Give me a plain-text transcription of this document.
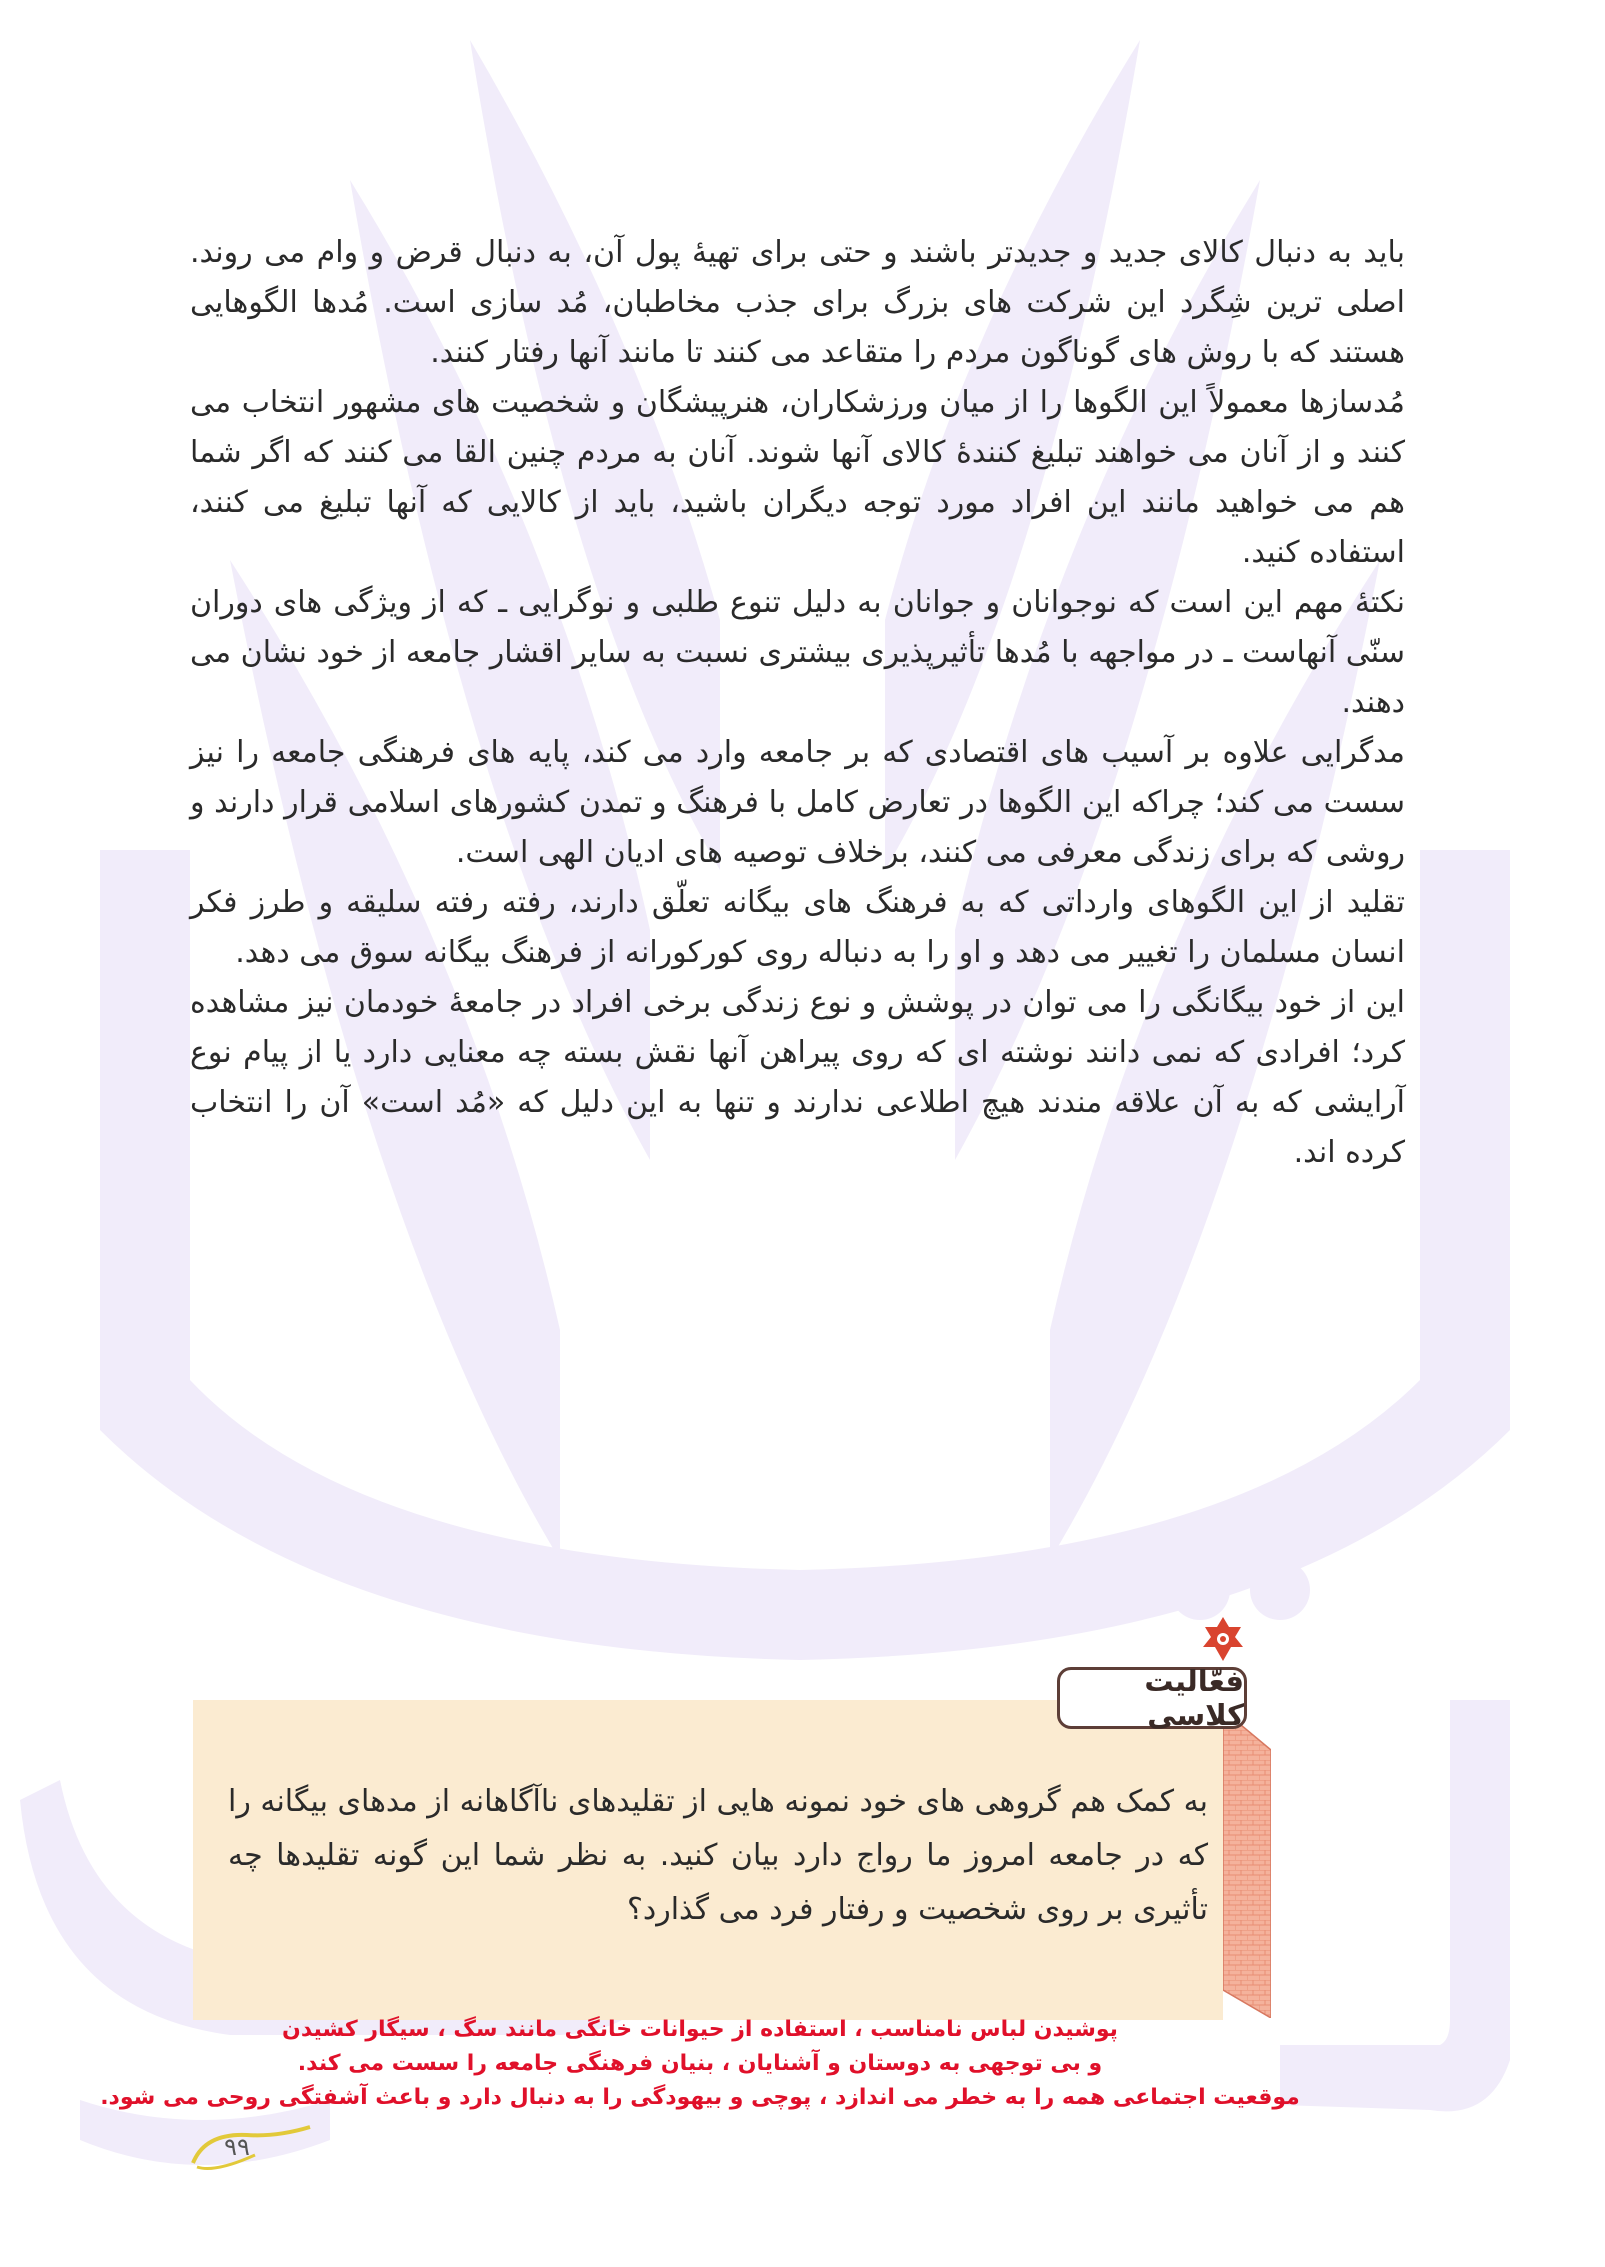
باید به دنبال کالای جدید و جدیدتر باشند و حتی برای تهیهٔ پول آن، به دنبال قرض و وام می روند. اصلی ترین شِگرد این شرکت های بزرگ برای جذب مخاطبان، مُد سازی است. مُدها الگوهایی هستند که با روش های گوناگون مردم را متقاعد می کنند تا مانند آنها رفتار کنند.

مُدسازها معمولاً این الگوها را از میان ورزشکاران، هنرپیشگان و شخصیت های مشهور انتخاب می کنند و از آنان می خواهند تبلیغ کنندهٔ کالای آنها شوند. آنان به مردم چنین القا می کنند که اگر شما هم می خواهید مانند این افراد مورد توجه دیگران باشید، باید از کالایی که آنها تبلیغ می کنند، استفاده کنید.

نکتهٔ مهم این است که نوجوانان و جوانان به دلیل تنوع طلبی و نوگرایی ـ که از ویژگی های دوران سنّی آنهاست ـ در مواجهه با مُدها تأثیرپذیری بیشتری نسبت به سایر اقشار جامعه از خود نشان می دهند.

مدگرایی علاوه بر آسیب های اقتصادی که بر جامعه وارد می کند، پایه های فرهنگی جامعه را نیز سست می کند؛ چراکه این الگوها در تعارض کامل با فرهنگ و تمدن کشورهای اسلامی قرار دارند و روشی که برای زندگی معرفی می کنند، برخلاف توصیه های ادیان الهی است.

تقلید از این الگوهای وارداتی که به فرهنگ های بیگانه تعلّق دارند، رفته رفته سلیقه و طرز فکر انسان مسلمان را تغییر می دهد و او را به دنباله روی کورکورانه از فرهنگ بیگانه سوق می دهد.

این از خود بیگانگی را می توان در پوشش و نوع زندگی برخی افراد در جامعهٔ خودمان نیز مشاهده کرد؛ افرادی که نمی دانند نوشته ای که روی پیراهن آنها نقش بسته چه معنایی دارد یا از پیام نوع آرایشی که به آن علاقه مندند هیچ اطلاعی ندارند و تنها به این دلیل که «مُد است» آن را انتخاب کرده اند.

فعّالیت کلاسی
به کمک هم گروهی های خود نمونه هایی از تقلیدهای ناآگاهانه از مدهای بیگانه را که در جامعه امروز ما رواج دارد بیان کنید. به نظر شما این گونه تقلیدها چه تأثیری بر روی شخصیت و رفتار فرد می گذارد؟
پوشیدن لباس نامناسب ، استفاده از حیوانات خانگی مانند سگ ، سیگار کشیدن
و بی توجهی به دوستان و آشنایان ، بنیان فرهنگی جامعه را سست می کند.
موقعیت اجتماعی همه را به خطر می اندازد ، پوچی و بیهودگی را به دنبال دارد و باعث آشفتگی روحی می شود.
۹۹
